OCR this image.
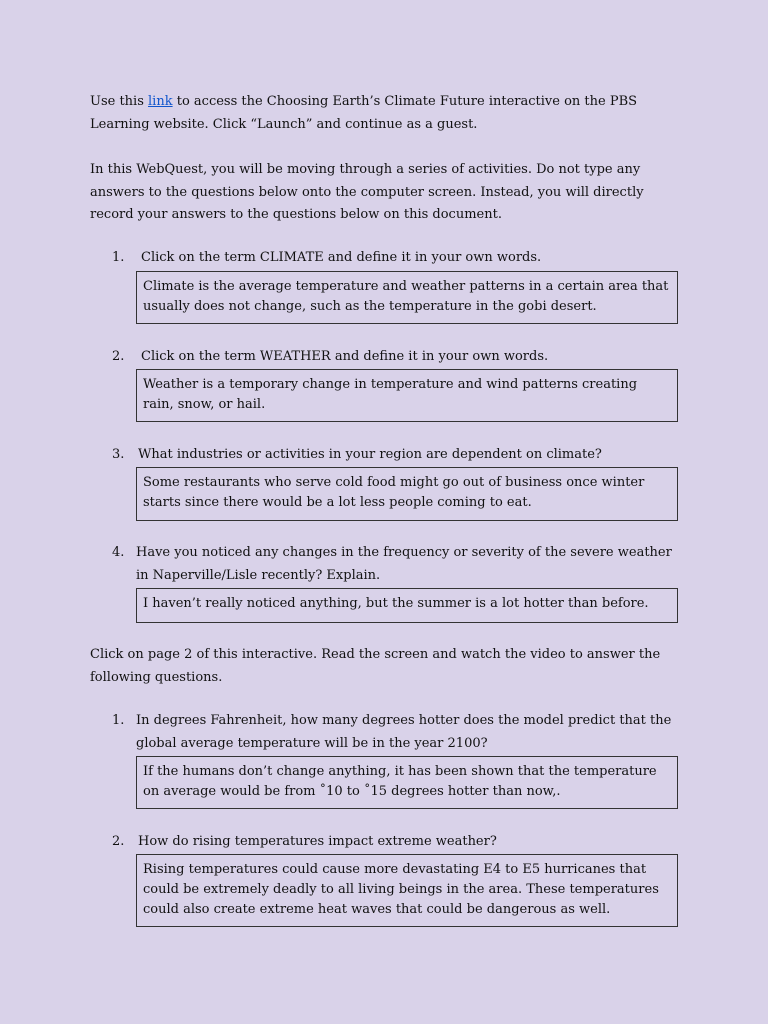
Use this link to access the Choosing Earth’s Climate Future interactive on the PBS Learning website. Click “Launch” and continue as a guest.

In this WebQuest, you will be moving through a series of activities. Do not type any answers to the questions below onto the computer screen. Instead, you will directly record your answers to the questions below on this document.

1. Click on the term CLIMATE and define it in your own words.

Climate is the average temperature and weather patterns in a certain area that usually does not change, such as the temperature in the gobi desert.
2. Click on the term WEATHER and define it in your own words.

Weather is a temporary change in temperature and wind patterns creating rain, snow, or hail.
3. What industries or activities in your region are dependent on climate?

Some restaurants who serve cold food might go out of business once winter starts since there would be a lot less people coming to eat.
4. Have you noticed any changes in the frequency or severity of the severe weather in Naperville/Lisle recently? Explain.

I haven’t really noticed anything, but the summer is a lot hotter than before.

Click on page 2 of this interactive. Read the screen and watch the video to answer the following questions.

1. In degrees Fahrenheit, how many degrees hotter does the model predict that the global average temperature will be in the year 2100?

If the humans don’t change anything, it has been shown that the temperature on average would be from ˚10 to ˚15 degrees hotter than now,.
2. How do rising temperatures impact extreme weather?

Rising temperatures could cause more devastating E4 to E5 hurricanes that could be extremely deadly to all living beings in the area. These temperatures could also create extreme heat waves that could be dangerous as well.
